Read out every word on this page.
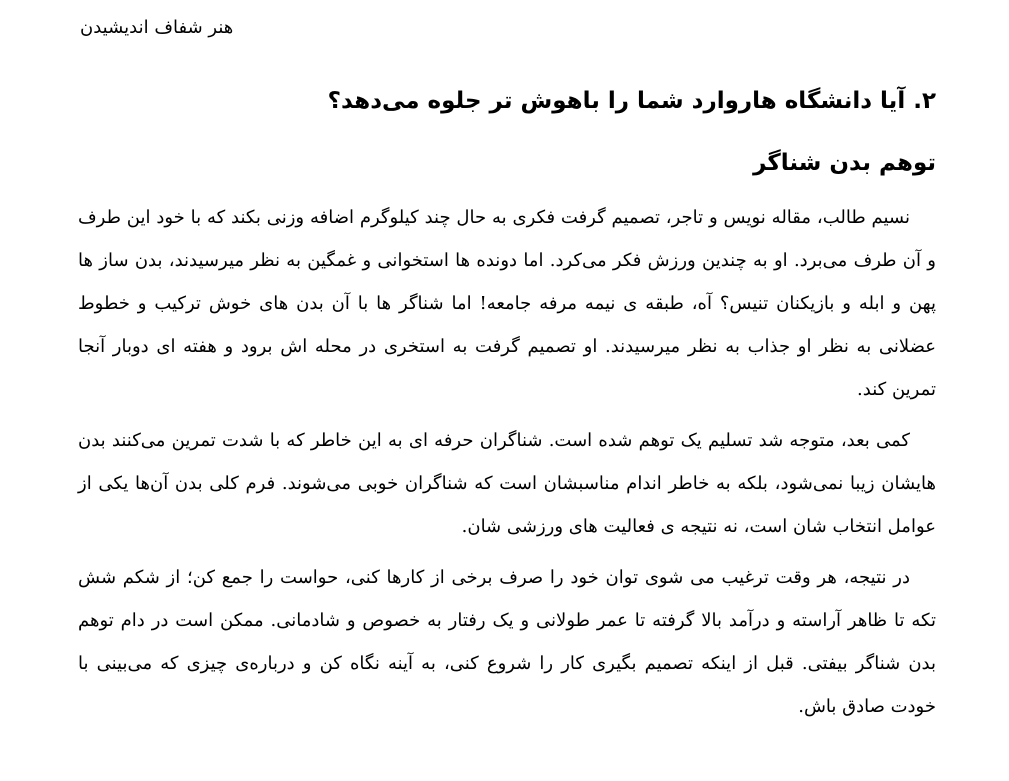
هنر شفاف اندیشیدن
۲. آیا دانشگاه هاروارد شما را باهوش تر جلوه می‌دهد؟
توهم بدن شناگر

نسیم طالب، مقاله نویس و تاجر، تصمیم گرفت فکری به حال چند کیلوگرم اضافه وزنی بکند که با خود این طرف و آن طرف می‌برد. او به چندین ورزش فکر می‌کرد. اما دونده ها استخوانی و غمگین به نظر میرسیدند، بدن ساز ها پهن و ابله و بازیکنان تنیس؟ آه، طبقه ی نیمه مرفه جامعه! اما شناگر ها با آن بدن های خوش ترکیب و خطوط عضلانی به نظر او جذاب به نظر میرسیدند. او تصمیم گرفت به استخری در محله اش برود و هفته ای دوبار آنجا تمرین کند.

کمی بعد، متوجه شد تسلیم یک توهم شده است. شناگران حرفه ای به این خاطر که با شدت تمرین می‌کنند بدن هایشان زیبا نمی‌شود، بلکه به خاطر اندام مناسبشان است که شناگران خوبی می‌شوند. فرم کلی بدن آن‌ها یکی از عوامل انتخاب شان است، نه نتیجه ی فعالیت های ورزشی شان.

در نتیجه، هر وقت ترغیب می شوی توان خود را صرف برخی از کارها کنی، حواست را جمع کن؛ از شکم شش تکه تا ظاهر آراسته و درآمد بالا گرفته تا عمر طولانی و یک رفتار به خصوص و شادمانی. ممکن است در دام توهم بدن شناگر بیفتی. قبل از اینکه تصمیم بگیری کار را شروع کنی، به آینه نگاه کن و درباره‌ی چیزی که می‌بینی با خودت صادق باش.
